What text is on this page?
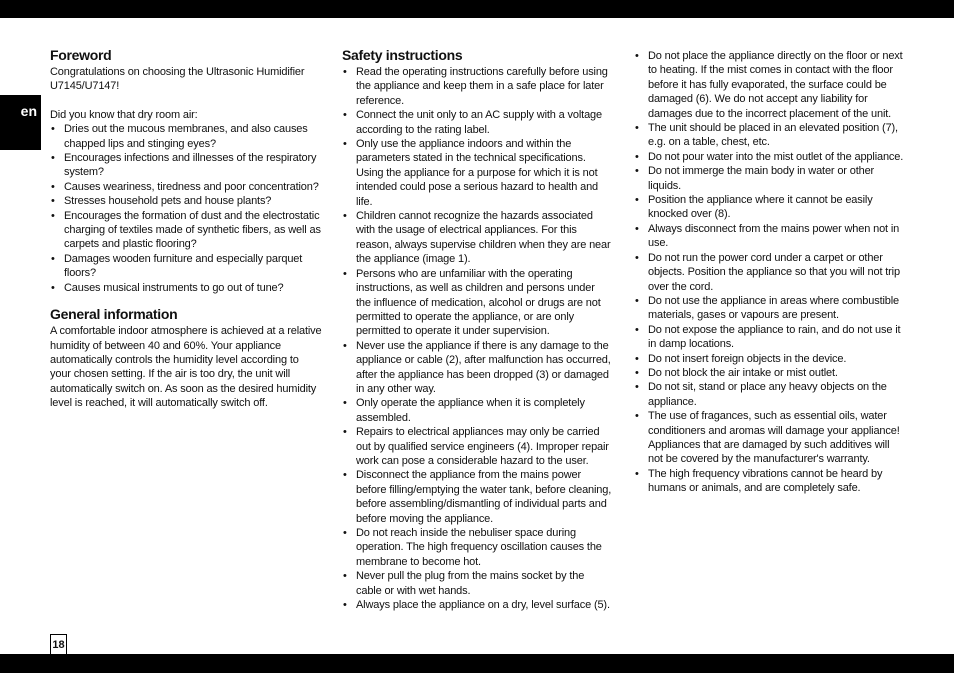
en
Foreword

Congratulations on choosing the Ultrasonic Humidifier U7145/U7147!

Did you know that dry room air:

• Dries out the mucous membranes, and also causes chapped lips and stinging eyes?
• Encourages infections and illnesses of the respiratory system?
• Causes weariness, tiredness and poor concentration?
• Stresses household pets and house plants?
• Encourages the formation of dust and the electrostatic charging of textiles made of synthetic fibers, as well as carpets and plastic flooring?
• Damages wooden furniture and especially parquet floors?
• Causes musical instruments to go out of tune?
General information

A comfortable indoor atmosphere is achieved at a relative humidity of between 40 and 60%. Your appliance automatically controls the humidity level according to your chosen setting. If the air is too dry, the unit will automatically switch on. As soon as the desired humidity level is reached, it will automatically switch off.

Safety instructions
• Read the operating instructions carefully before using the appliance and keep them in a safe place for later reference.
• Connect the unit only to an AC supply with a voltage according to the rating label.
• Only use the appliance indoors and within the parameters stated in the technical specifications. Using the appliance for a purpose for which it is not intended could pose a serious hazard to health and life.
• Children cannot recognize the hazards associated with the usage of electrical appliances. For this reason, always supervise children when they are near the appliance (image 1).
• Persons who are unfamiliar with the operating instructions, as well as children and persons under the influence of medication, alcohol or drugs are not permitted to operate the appliance, or are only permitted to operate it under supervision.
• Never use the appliance if there is any damage to the appliance or cable (2), after malfunction has occurred, after the appliance has been dropped (3) or damaged in any other way.
• Only operate the appliance when it is completely assembled.
• Repairs to electrical appliances may only be carried out by qualified service engineers (4). Improper repair work can pose a considerable hazard to the user.
• Disconnect the appliance from the mains power before filling/emptying the water tank, before cleaning, before assembling/dismantling of individual parts and before moving the appliance.
• Do not reach inside the nebuliser space during operation. The high frequency oscillation causes the membrane to become hot.
• Never pull the plug from the mains socket by the cable or with wet hands.
• Always place the appliance on a dry, level surface (5).
• Do not place the appliance directly on the floor or next to heating. If the mist comes in contact with the floor before it has fully evaporated, the surface could be damaged (6). We do not accept any liability for damages due to the incorrect placement of the unit.
• The unit should be placed in an elevated position (7), e.g. on a table, chest, etc.
• Do not pour water into the mist outlet of the appliance.
• Do not immerge the main body in water or other liquids.
• Position the appliance where it cannot be easily knocked over (8).
• Always disconnect from the mains power when not in use.
• Do not run the power cord under a carpet or other objects. Position the appliance so that you will not trip over the cord.
• Do not use the appliance in areas where combustible materials, gases or vapours are present.
• Do not expose the appliance to rain, and do not use it in damp locations.
• Do not insert foreign objects in the device.
• Do not block the air intake or mist outlet.
• Do not sit, stand or place any heavy objects on the appliance.
• The use of fragances, such as essential oils, water conditioners and aromas will damage your appliance! Appliances that are damaged by such additives will not be covered by the manufacturer's warranty.
• The high frequency vibrations cannot be heard by humans or animals, and are completely safe.
18
